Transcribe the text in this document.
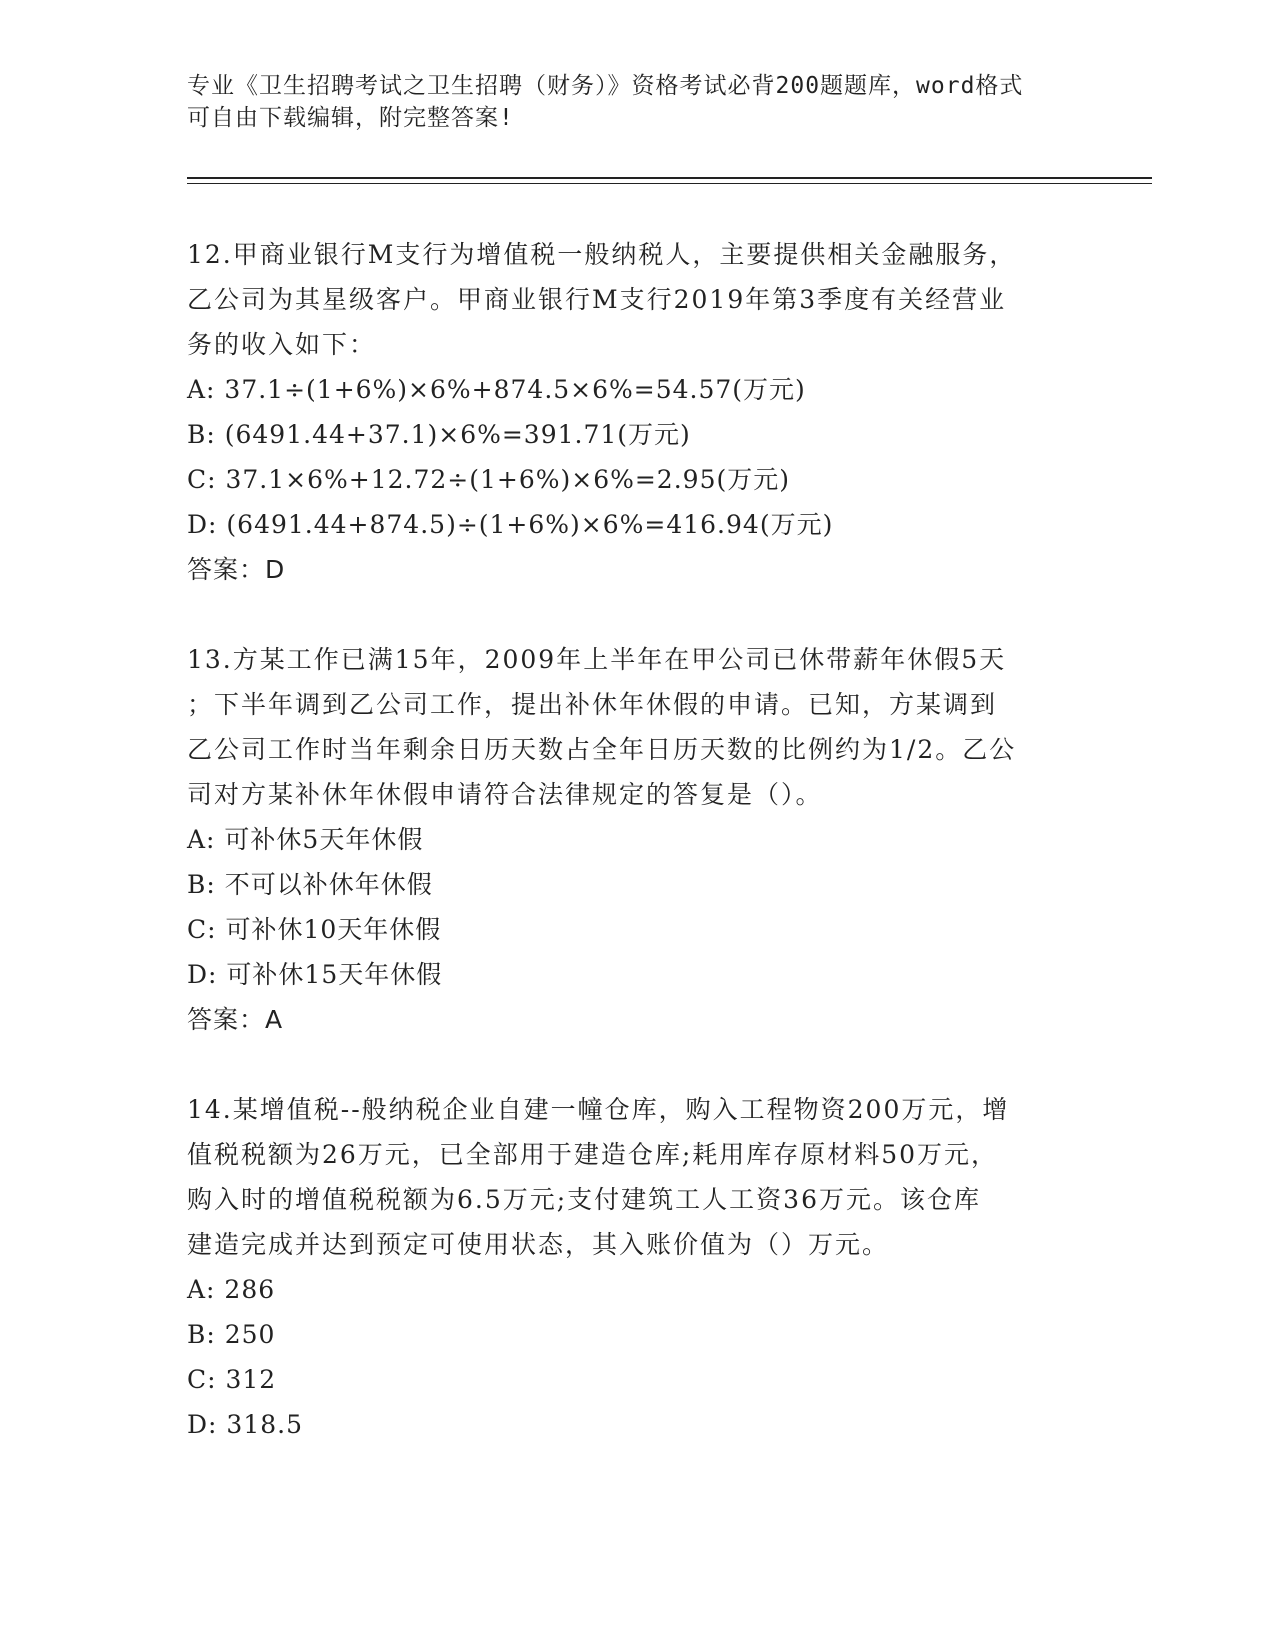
专业《卫生招聘考试之卫生招聘（财务）》资格考试必背200题题库，word格式
可自由下载编辑，附完整答案!
12.甲商业银行M支行为增值税一般纳税人，主要提供相关金融服务，
乙公司为其星级客户。甲商业银行M支行2019年第3季度有关经营业
务的收入如下：
A: 37.1÷(1+6%)×6%+874.5×6%=54.57(万元)
B: (6491.44+37.1)×6%=391.71(万元)
C: 37.1×6%+12.72÷(1+6%)×6%=2.95(万元)
D: (6491.44+874.5)÷(1+6%)×6%=416.94(万元)
答案：D
13.方某工作已满15年，2009年上半年在甲公司已休带薪年休假5天
；下半年调到乙公司工作，提出补休年休假的申请。已知，方某调到
乙公司工作时当年剩余日历天数占全年日历天数的比例约为1/2。乙公
司对方某补休年休假申请符合法律规定的答复是（）。
A: 可补休5天年休假
B: 不可以补休年休假
C: 可补休10天年休假
D: 可补休15天年休假
答案：A
14.某增值税--般纳税企业自建一幢仓库，购入工程物资200万元，增
值税税额为26万元，已全部用于建造仓库;耗用库存原材料50万元，
购入时的增值税税额为6.5万元;支付建筑工人工资36万元。该仓库
建造完成并达到预定可使用状态，其入账价值为（）万元。
A: 286
B: 250
C: 312
D: 318.5
